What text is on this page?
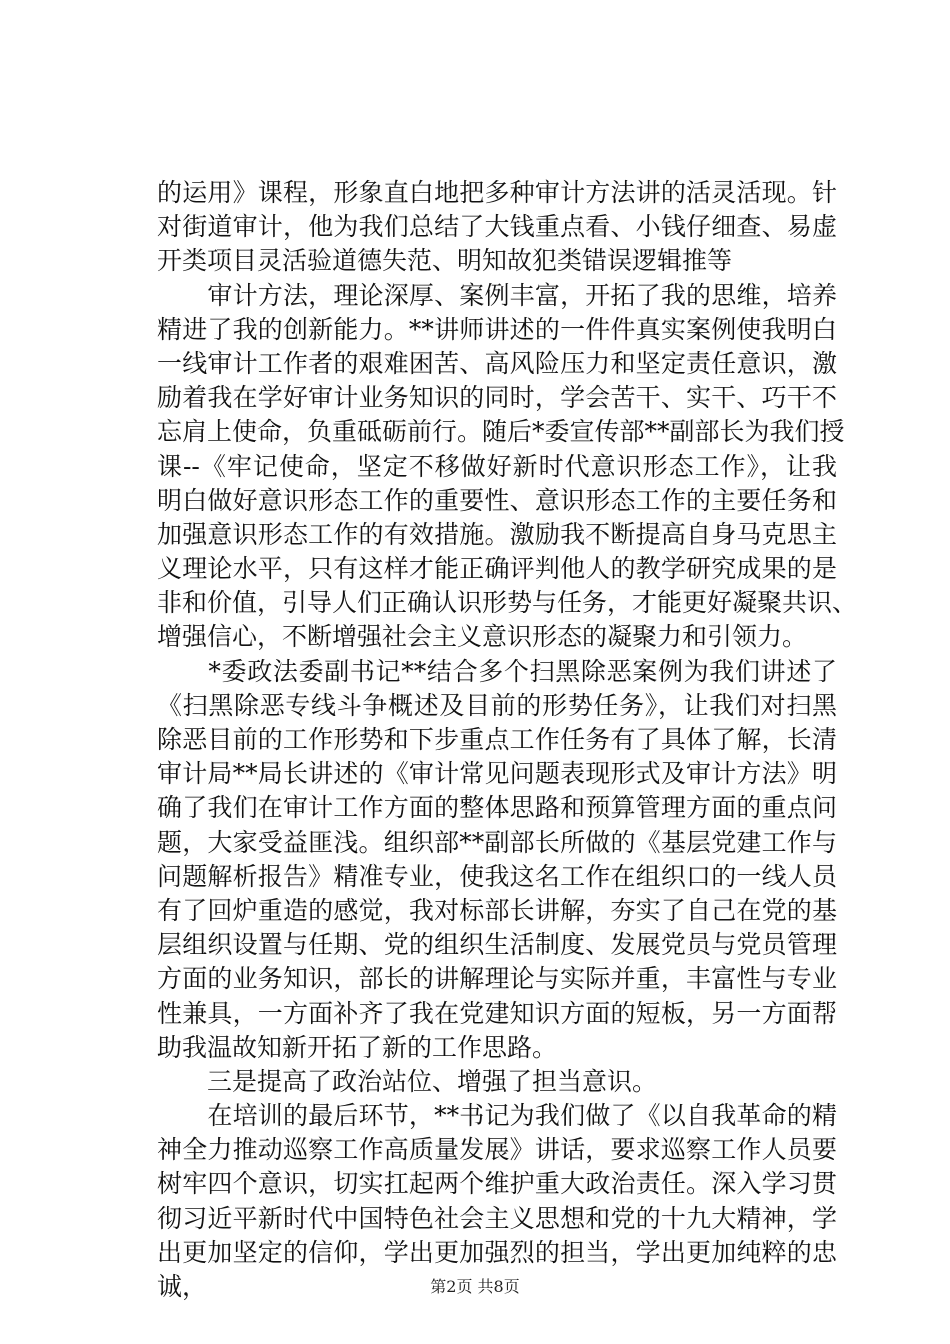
的运用》课程，形象直白地把多种审计方法讲的活灵活现。针
对街道审计，他为我们总结了大钱重点看、小钱仔细查、易虚
开类项目灵活验道德失范、明知故犯类错误逻辑推等
　　审计方法，理论深厚、案例丰富，开拓了我的思维，培养
精进了我的创新能力。**讲师讲述的一件件真实案例使我明白
一线审计工作者的艰难困苦、高风险压力和坚定责任意识，激
励着我在学好审计业务知识的同时，学会苦干、实干、巧干不
忘肩上使命，负重砥砺前行。随后*委宣传部**副部长为我们授
课--《牢记使命，坚定不移做好新时代意识形态工作》，让我
明白做好意识形态工作的重要性、意识形态工作的主要任务和
加强意识形态工作的有效措施。激励我不断提高自身马克思主
义理论水平，只有这样才能正确评判他人的教学研究成果的是
非和价值，引导人们正确认识形势与任务，才能更好凝聚共识、
增强信心，不断增强社会主义意识形态的凝聚力和引领力。
　　*委政法委副书记**结合多个扫黑除恶案例为我们讲述了
《扫黑除恶专线斗争概述及目前的形势任务》，让我们对扫黑
除恶目前的工作形势和下步重点工作任务有了具体了解，长清
审计局**局长讲述的《审计常见问题表现形式及审计方法》明
确了我们在审计工作方面的整体思路和预算管理方面的重点问
题，大家受益匪浅。组织部**副部长所做的《基层党建工作与
问题解析报告》精准专业，使我这名工作在组织口的一线人员
有了回炉重造的感觉，我对标部长讲解，夯实了自己在党的基
层组织设置与任期、党的组织生活制度、发展党员与党员管理
方面的业务知识，部长的讲解理论与实际并重，丰富性与专业
性兼具，一方面补齐了我在党建知识方面的短板，另一方面帮
助我温故知新开拓了新的工作思路。
　　三是提高了政治站位、增强了担当意识。
　　在培训的最后环节，**书记为我们做了《以自我革命的精
神全力推动巡察工作高质量发展》讲话，要求巡察工作人员要
树牢四个意识，切实扛起两个维护重大政治责任。深入学习贯
彻习近平新时代中国特色社会主义思想和党的十九大精神，学
出更加坚定的信仰，学出更加强烈的担当，学出更加纯粹的忠
诚，	第2页 共8页
